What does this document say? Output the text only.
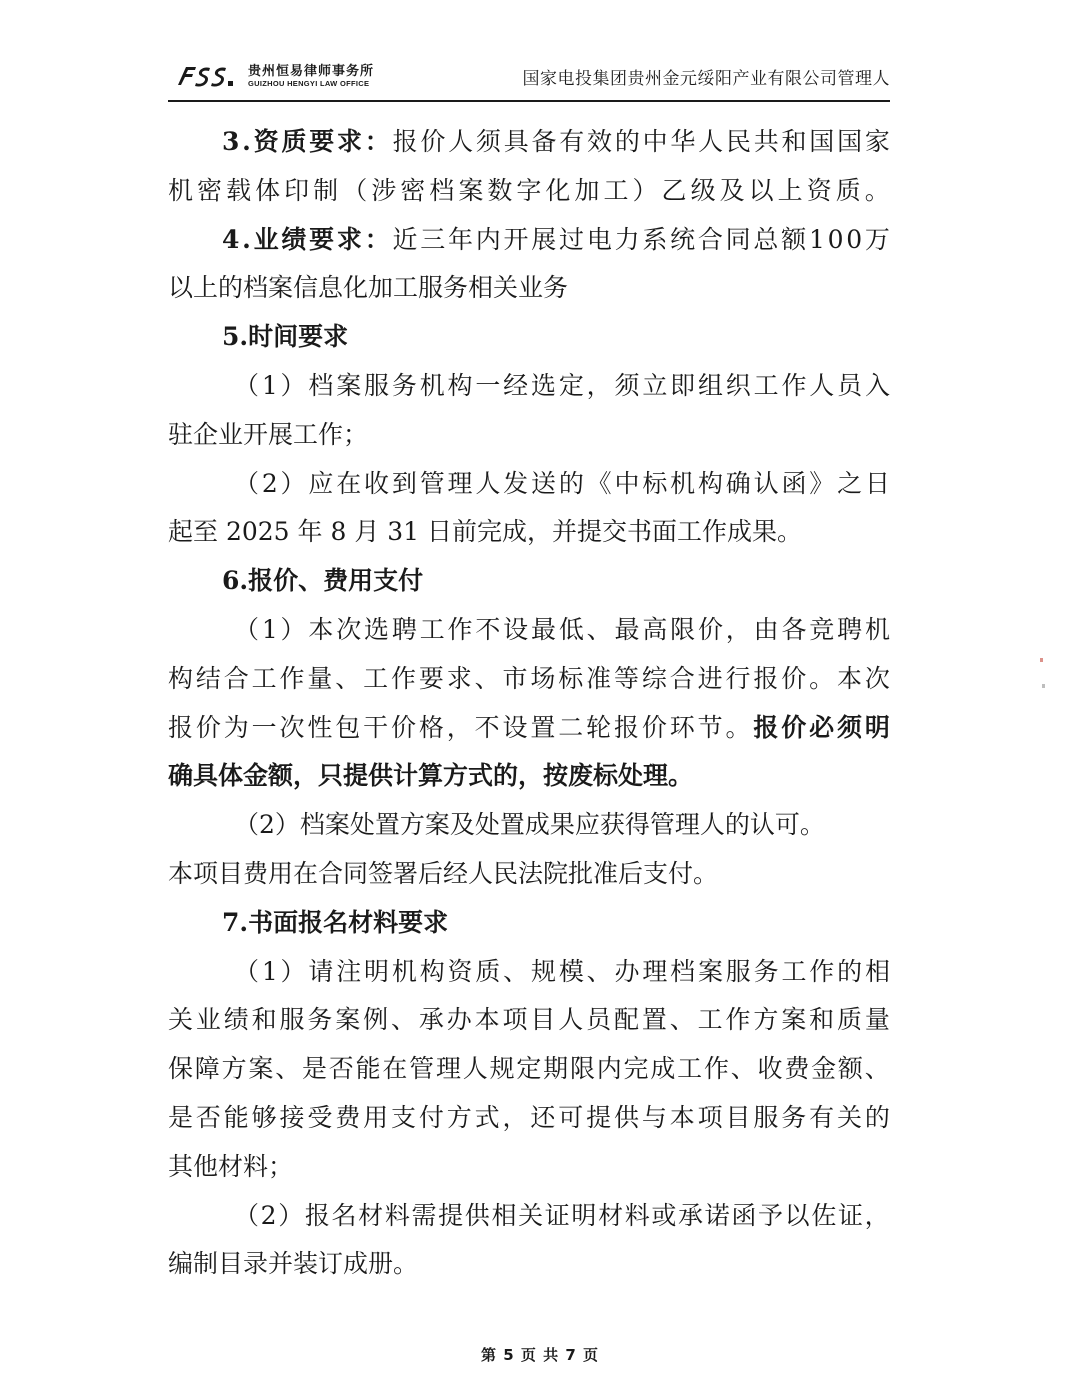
贵州恒易律师事务所
GUIZHOU HENGYI LAW OFFICE	国家电投集团贵州金元绥阳产业有限公司管理人
3 . 资 质 要 求 ： 报 价 人 须 具 备 有 效 的 中 华 人 民 共 和 国 国 家
机 密 载 体 印 制 （ 涉 密 档 案 数 字 化 加 工 ） 乙 级 及 以 上 资 质 。
4 . 业 绩 要 求 ： 近 三 年 内 开 展 过 电 力 系 统 合 同 总 额 1 0 0 万
以上的档案信息化加工服务相关业务
5.时间要求
（ 1 ） 档 案 服 务 机 构 一 经 选 定 ， 须 立 即 组 织 工 作 人 员 入
驻企业开展工作；
（ 2 ） 应 在 收 到 管 理 人 发 送 的 《 中 标 机 构 确 认 函 》 之 日
起至 2025 年 8 月 31 日前完成，并提交书面工作成果。
6.报价、费用支付
（ 1 ） 本 次 选 聘 工 作 不 设 最 低 、 最 高 限 价 ， 由 各 竞 聘 机
构 结 合 工 作 量 、 工 作 要 求 、 市 场 标 准 等 综 合 进 行 报 价 。 本 次
报 价 为 一 次 性 包 干 价 格 ， 不 设 置 二 轮 报 价 环 节 。 报 价 必 须 明
确具体金额，只提供计算方式的，按废标处理。
（2）档案处置方案及处置成果应获得管理人的认可。
本项目费用在合同签署后经人民法院批准后支付。
7.书面报名材料要求
（ 1 ） 请 注 明 机 构 资 质 、 规 模 、 办 理 档 案 服 务 工 作 的 相
关 业 绩 和 服 务 案 例 、 承 办 本 项 目 人 员 配 置 、 工 作 方 案 和 质 量
保 障 方 案 、 是 否 能 在 管 理 人 规 定 期 限 内 完 成 工 作 、 收 费 金 额 、
是 否 能 够 接 受 费 用 支 付 方 式 ， 还 可 提 供 与 本 项 目 服 务 有 关 的
其他材料；
（ 2 ） 报 名 材 料 需 提 供 相 关 证 明 材 料 或 承 诺 函 予 以 佐 证 ，
编制目录并装订成册。
第 5 页 共 7 页
